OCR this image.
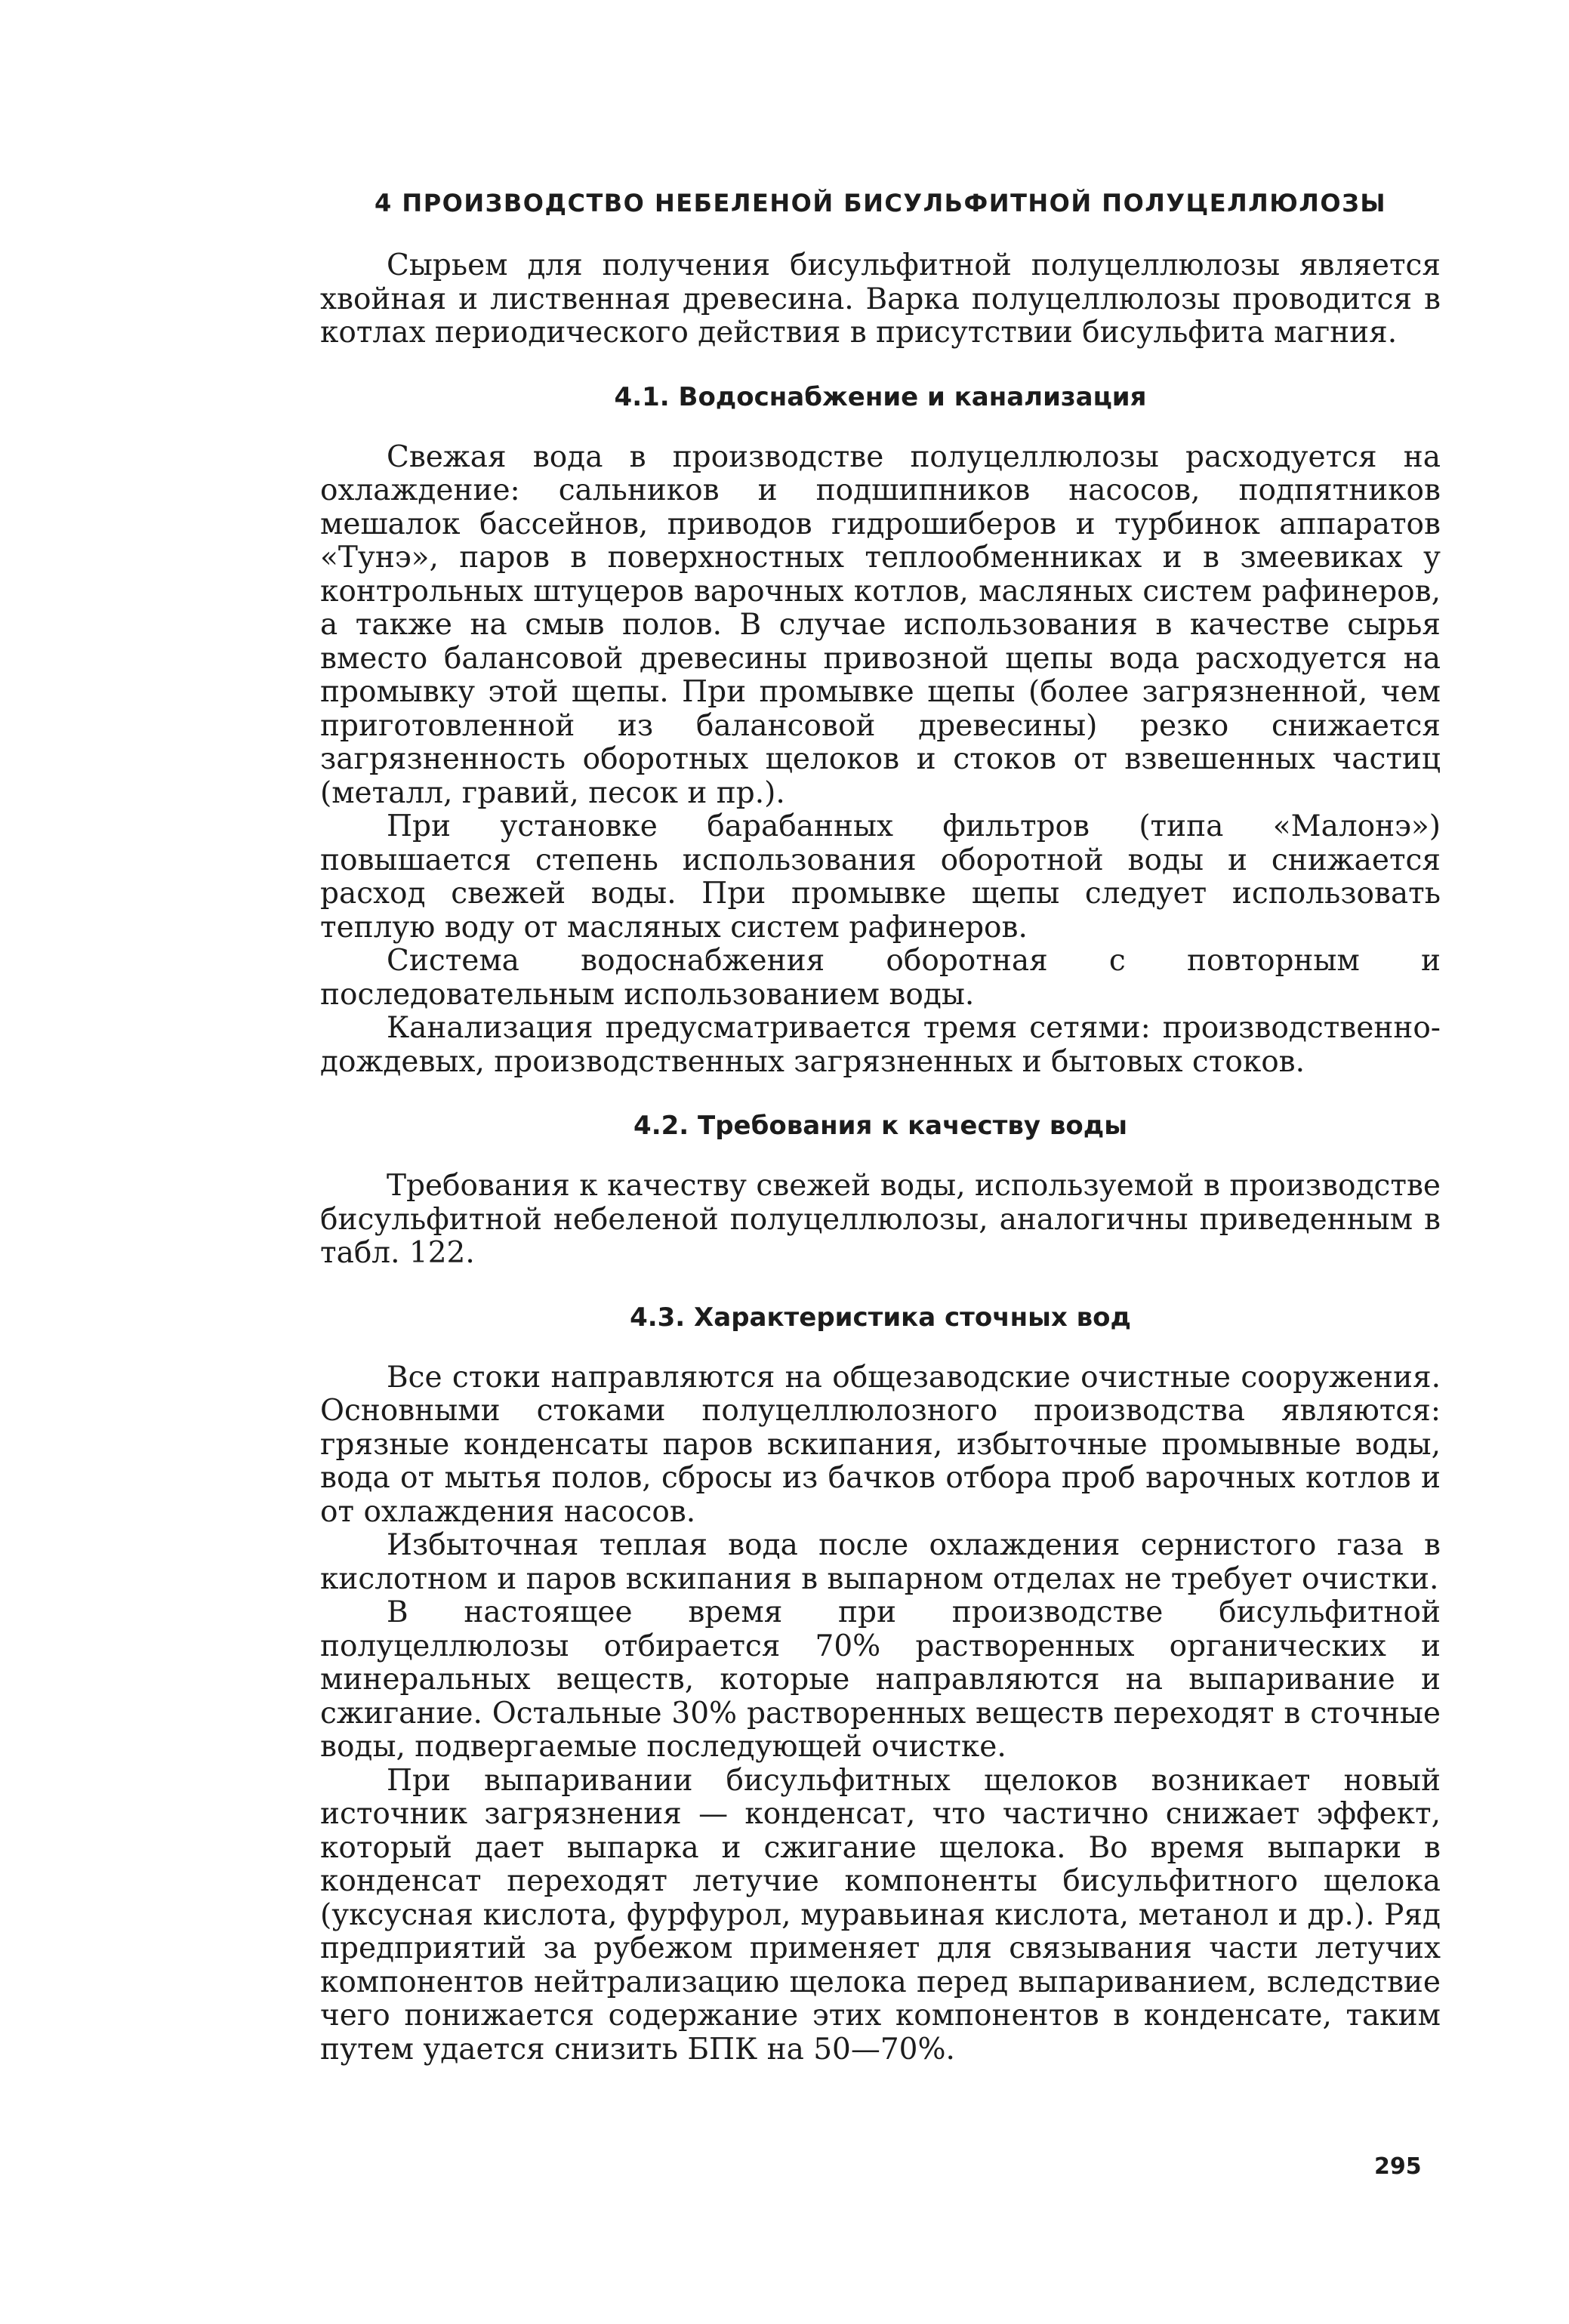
4 ПРОИЗВОДСТВО НЕБЕЛЕНОЙ БИСУЛЬФИТНОЙ ПОЛУЦЕЛЛЮЛОЗЫ

Сырьем для получения бисульфитной полуцеллюлозы является хвойная и лиственная древесина. Варка полуцеллюлозы проводится в котлах периодического действия в присутствии бисульфита магния.

4.1. Водоснабжение и канализация

Свежая вода в производстве полуцеллюлозы расходуется на охлаждение: сальников и подшипников насосов, подпятников мешалок бассейнов, приводов гидрошиберов и турбинок аппаратов «Тунэ», паров в поверхностных теплообменниках и в змеевиках у контрольных штуцеров варочных котлов, масляных систем рафинеров, а также на смыв полов. В случае использования в качестве сырья вместо балансовой древесины привозной щепы вода расходуется на промывку этой щепы. При промывке щепы (более загрязненной, чем приготовленной из балансовой древесины) резко снижается загрязненность оборотных щелоков и стоков от взвешенных частиц (металл, гравий, песок и пр.).

При установке барабанных фильтров (типа «Малонэ») повышается степень использования оборотной воды и снижается расход свежей воды. При промывке щепы следует использовать теплую воду от масляных систем рафинеров.

Система водоснабжения оборотная с повторным и последовательным использованием воды.

Канализация предусматривается тремя сетями: производственно-дождевых, производственных загрязненных и бытовых стоков.

4.2. Требования к качеству воды

Требования к качеству свежей воды, используемой в производстве бисульфитной небеленой полуцеллюлозы, аналогичны приведенным в табл. 122.

4.3. Характеристика сточных вод

Все стоки направляются на общезаводские очистные сооружения. Основными стоками полуцеллюлозного производства являются: грязные конденсаты паров вскипания, избыточные промывные воды, вода от мытья полов, сбросы из бачков отбора проб варочных котлов и от охлаждения насосов.

Избыточная теплая вода после охлаждения сернистого газа в кислотном и паров вскипания в выпарном отделах не требует очистки.

В настоящее время при производстве бисульфитной полуцеллюлозы отбирается 70% растворенных органических и минеральных веществ, которые направляются на выпаривание и сжигание. Остальные 30% растворенных веществ переходят в сточные воды, подвергаемые последующей очистке.

При выпаривании бисульфитных щелоков возникает новый источник загрязнения — конденсат, что частично снижает эффект, который дает выпарка и сжигание щелока. Во время выпарки в конденсат переходят летучие компоненты бисульфитного щелока (уксусная кислота, фурфурол, муравьиная кислота, метанол и др.). Ряд предприятий за рубежом применяет для связывания части летучих компонентов нейтрализацию щелока перед выпариванием, вследствие чего понижается содержание этих компонентов в конденсате, таким путем удается снизить БПК на 50—70%.

295
